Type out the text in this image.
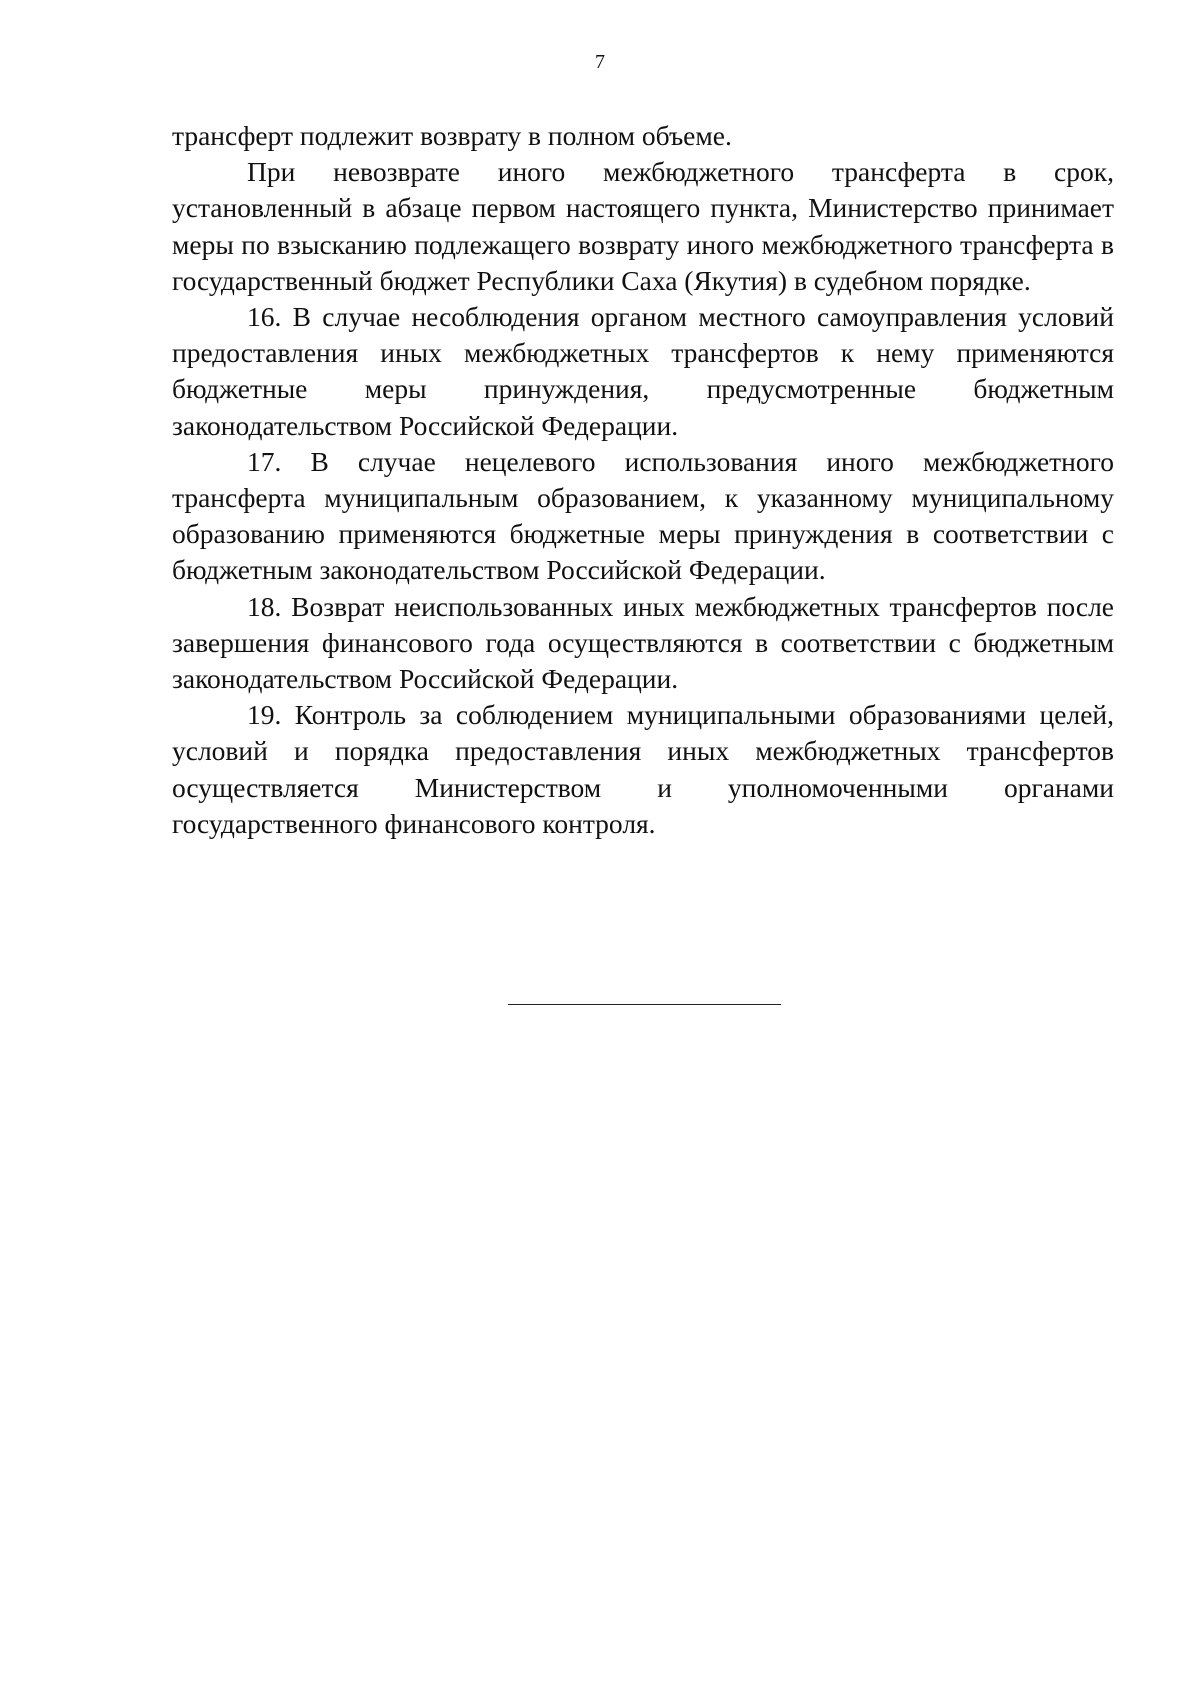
7

трансферт подлежит возврату в полном объеме.

При невозврате иного межбюджетного трансферта в срок, установленный в абзаце первом настоящего пункта, Министерство принимает меры по взысканию подлежащего возврату иного межбюджетного трансферта в государственный бюджет Республики Саха (Якутия) в судебном порядке.

16. В случае несоблюдения органом местного самоуправления условий предоставления иных межбюджетных трансфертов к нему применяются бюджетные меры принуждения, предусмотренные бюджетным законодательством Российской Федерации.

17. В случае нецелевого использования иного межбюджетного трансферта муниципальным образованием, к указанному муниципальному образованию применяются бюджетные меры принуждения в соответствии с бюджетным законодательством Российской Федерации.

18. Возврат неиспользованных иных межбюджетных трансфертов после завершения финансового года осуществляются в соответствии с бюджетным законодательством Российской Федерации.

19. Контроль за соблюдением муниципальными образованиями целей, условий и порядка предоставления иных межбюджетных трансфертов осуществляется Министерством и уполномоченными органами государственного финансового контроля.
